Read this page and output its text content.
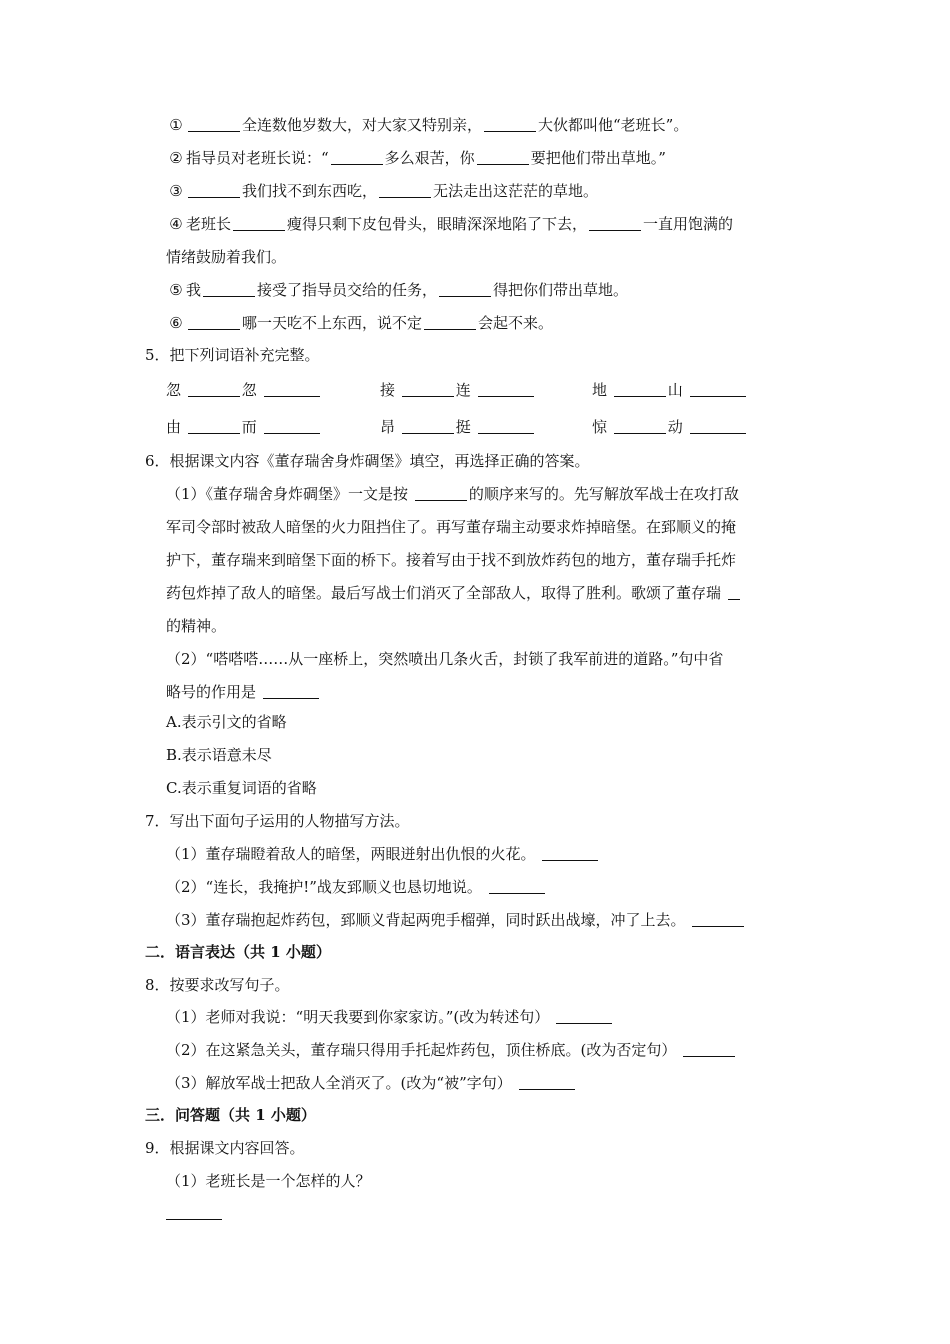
①	全连数他岁数大，对大家又特别亲，	大伙都叫他“老班长”。
② 指导员对老班长说：“	多么艰苦，你	要把他们带出草地。”
③	我们找不到东西吃，	无法走出这茫茫的草地。
④ 老班长	瘦得只剩下皮包骨头，眼睛深深地陷了下去，	一直用饱满的
情绪鼓励着我们。
⑤ 我	接受了指导员交给的任务，	得把你们带出草地。
⑥	哪一天吃不上东西，说不定	会起不来。
5．把下列词语补充完整。
忽	忽	接	连	地	山
由	而	昂	挺	惊	动
6．根据课文内容《董存瑞舍身炸碉堡》填空，再选择正确的答案。
（1）《董存瑞舍身炸碉堡》一文是按	的顺序来写的。先写解放军战士在攻打敌
军司令部时被敌人暗堡的火力阻挡住了。再写董存瑞主动要求炸掉暗堡。在郅顺义的掩
护下，董存瑞来到暗堡下面的桥下。接着写由于找不到放炸药包的地方，董存瑞手托炸
药包炸掉了敌人的暗堡。最后写战士们消灭了全部敌人，取得了胜利。歌颂了董存瑞
的精神。
（2）“嗒嗒嗒……从一座桥上，突然喷出几条火舌，封锁了我军前进的道路。”句中省
略号的作用是
A.表示引文的省略
B.表示语意未尽
C.表示重复词语的省略
7．写出下面句子运用的人物描写方法。
（1）董存瑞瞪着敌人的暗堡，两眼迸射出仇恨的火花。
（2）“连长，我掩护!”战友郅顺义也恳切地说。
（3）董存瑞抱起炸药包，郅顺义背起两兜手榴弹，同时跃出战壕，冲了上去。
二．语言表达（共 1 小题）
8．按要求改写句子。
（1）老师对我说：“明天我要到你家家访。”(改为转述句）
（2）在这紧急关头，董存瑞只得用手托起炸药包，顶住桥底。(改为否定句）
（3）解放军战士把敌人全消灭了。(改为“被”字句）
三．问答题（共 1 小题）
9．根据课文内容回答。
（1）老班长是一个怎样的人？
